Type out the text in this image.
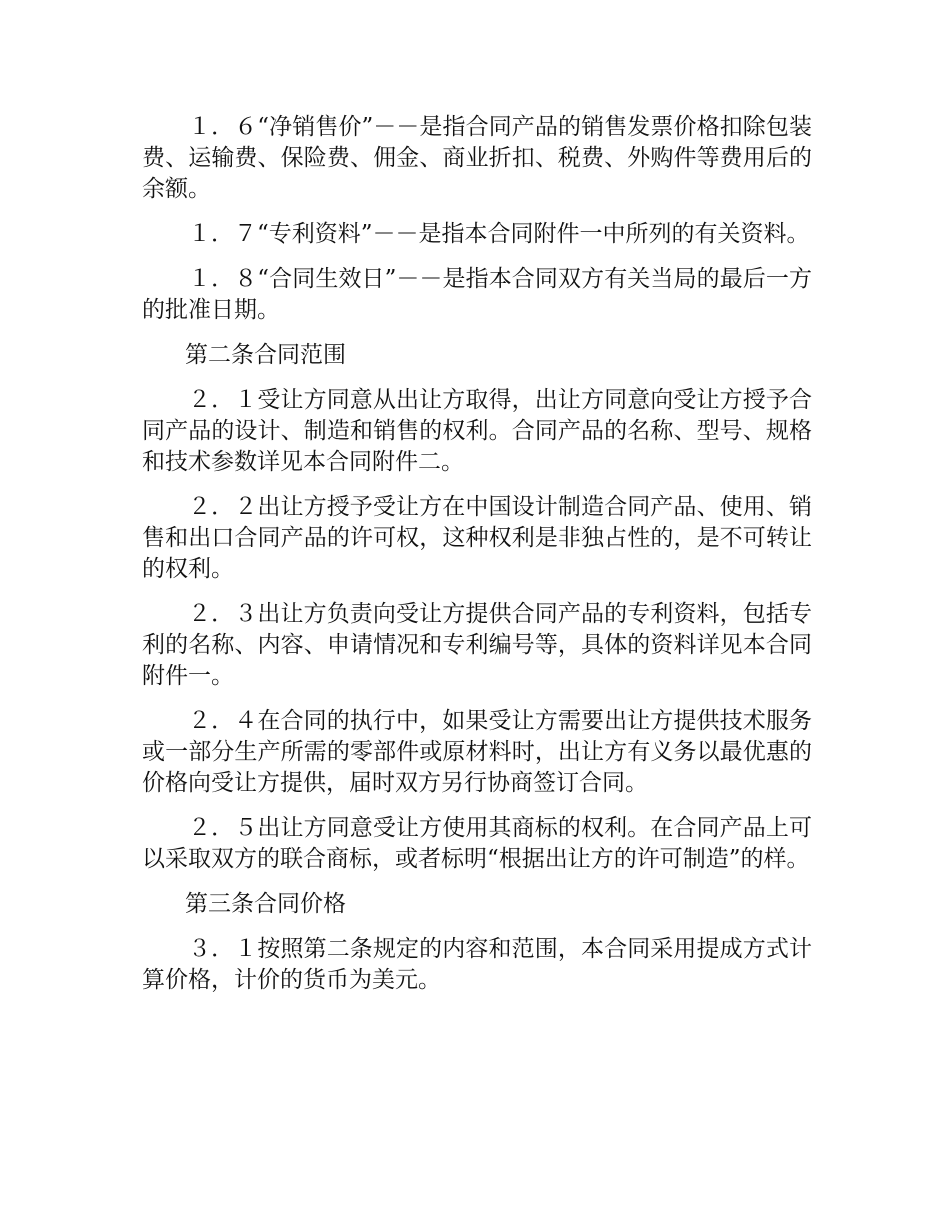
１．６“净销售价”－－是指合同产品的销售发票价格扣除包装费、运输费、保险费、佣金、商业折扣、税费、外购件等费用后的余额。

１．７“专利资料”－－是指本合同附件一中所列的有关资料。

１．８“合同生效日”－－是指本合同双方有关当局的最后一方的批准日期。

第二条合同范围

２．１受让方同意从出让方取得，出让方同意向受让方授予合同产品的设计、制造和销售的权利。合同产品的名称、型号、规格和技术参数详见本合同附件二。

２．２出让方授予受让方在中国设计制造合同产品、使用、销售和出口合同产品的许可权，这种权利是非独占性的，是不可转让的权利。

２．３出让方负责向受让方提供合同产品的专利资料，包括专利的名称、内容、申请情况和专利编号等，具体的资料详见本合同附件一。

２．４在合同的执行中，如果受让方需要出让方提供技术服务或一部分生产所需的零部件或原材料时，出让方有义务以最优惠的价格向受让方提供，届时双方另行协商签订合同。

２．５出让方同意受让方使用其商标的权利。在合同产品上可以采取双方的联合商标，或者标明“根据出让方的许可制造”的样。

第三条合同价格

３．１按照第二条规定的内容和范围，本合同采用提成方式计算价格，计价的货币为美元。
